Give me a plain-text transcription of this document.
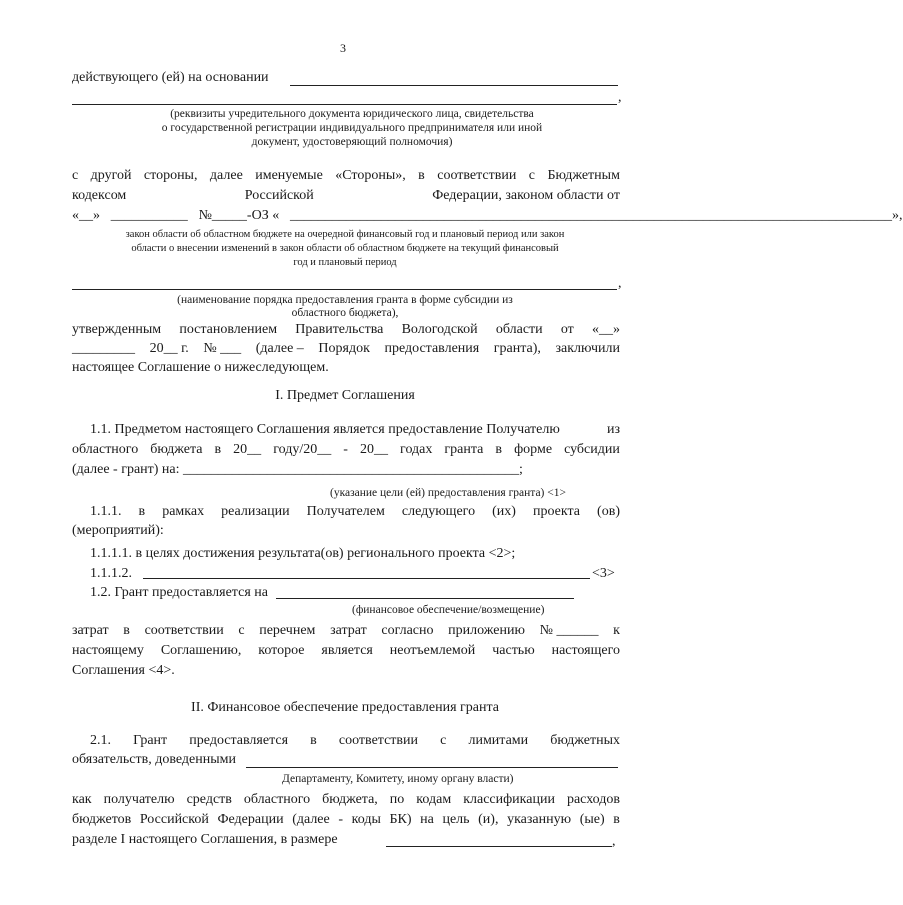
3
действующего (ей) на основании
,
(реквизиты учредительного документа юридического лица, свидетельства
о государственной регистрации индивидуального предпринимателя или иной
документ, удостоверяющий полномочия)
с другой стороны, далее именуемые «Стороны», в соответствии с Бюджетным
кодексом	Российской	Федерации, законом области от
«__» ___________ №_____-ОЗ « ______________________________________________________________________________________»,
закон области об областном бюджете на очередной финансовый год и плановый период или закон
области о внесении изменений в закон области об областном бюджете на текущий финансовый
год и плановый период
,
(наименование порядка предоставления гранта в форме субсидии из
областного бюджета),
утвержденным постановлением Правительства Вологодской области от «__»
_________ 20__ г. № ___ (далее – Порядок предоставления гранта), заключили
настоящее Соглашение о нижеследующем.
I. Предмет Соглашения
1.1. Предметом настоящего Соглашения является предоставление Получателю	из
областного бюджета в 20__ году/20__ - 20__ годах гранта в форме субсидии
(далее - грант) на: ________________________________________________;
(указание цели (ей) предоставления гранта) <1>
1.1.1. в рамках реализации Получателем следующего (их) проекта (ов)
(мероприятий):
1.1.1.1. в целях достижения результата(ов) регионального проекта <2>;
1.1.1.2.	<3>
1.2. Грант предоставляется на
(финансовое обеспечение/возмещение)
затрат в соответствии с перечнем затрат согласно приложению № ______ к
настоящему Соглашению, которое является неотъемлемой частью настоящего
Соглашения <4>.
II. Финансовое обеспечение предоставления гранта
2.1. Грант предоставляется в соответствии с лимитами бюджетных
обязательств, доведенными
Департаменту, Комитету, иному органу власти)
как получателю средств областного бюджета, по кодам классификации расходов
бюджетов Российской Федерации (далее - коды БК) на цель (и), указанную (ые) в
разделе I настоящего Соглашения, в размере	,
